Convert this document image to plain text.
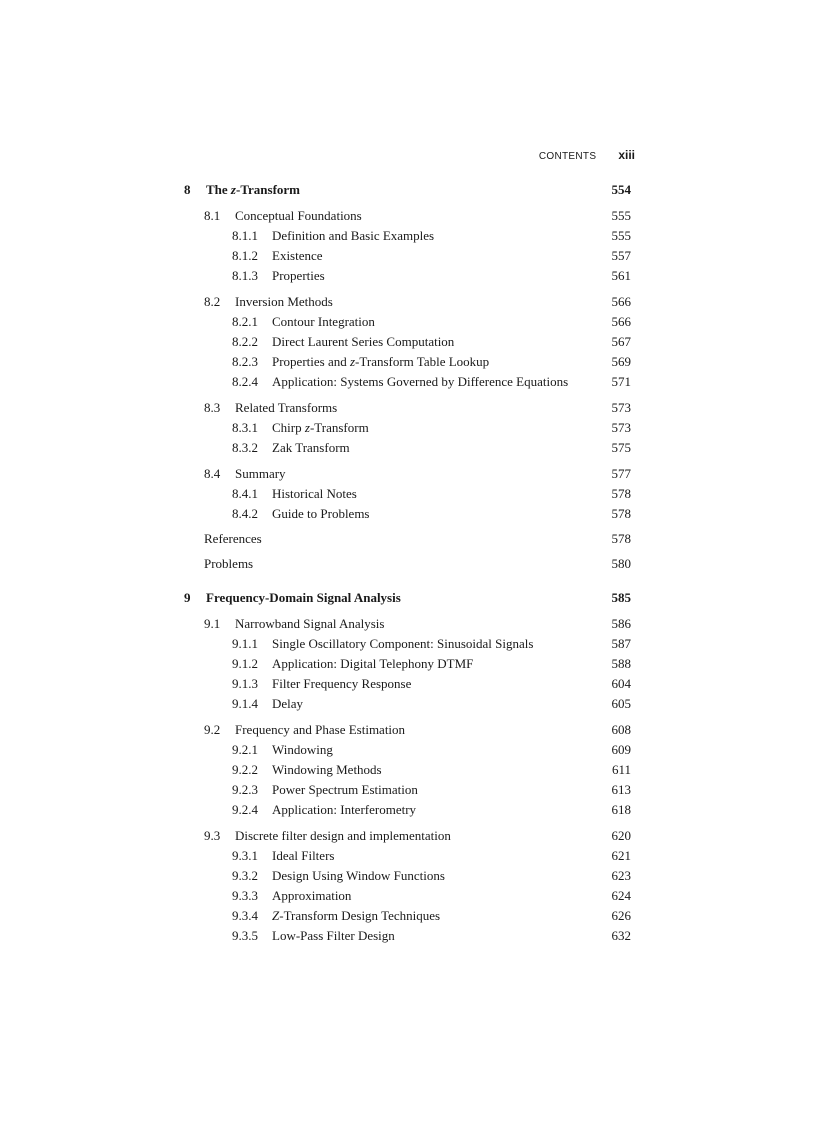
CONTENTS xiii
8 The z-Transform	554
8.1 Conceptual Foundations	555
8.1.1 Definition and Basic Examples	555
8.1.2 Existence	557
8.1.3 Properties	561
8.2 Inversion Methods	566
8.2.1 Contour Integration	566
8.2.2 Direct Laurent Series Computation	567
8.2.3 Properties and z-Transform Table Lookup	569
8.2.4 Application: Systems Governed by Difference Equations	571
8.3 Related Transforms	573
8.3.1 Chirp z-Transform	573
8.3.2 Zak Transform	575
8.4 Summary	577
8.4.1 Historical Notes	578
8.4.2 Guide to Problems	578
References	578
Problems	580
9 Frequency-Domain Signal Analysis	585
9.1 Narrowband Signal Analysis	586
9.1.1 Single Oscillatory Component: Sinusoidal Signals	587
9.1.2 Application: Digital Telephony DTMF	588
9.1.3 Filter Frequency Response	604
9.1.4 Delay	605
9.2 Frequency and Phase Estimation	608
9.2.1 Windowing	609
9.2.2 Windowing Methods	611
9.2.3 Power Spectrum Estimation	613
9.2.4 Application: Interferometry	618
9.3 Discrete filter design and implementation	620
9.3.1 Ideal Filters	621
9.3.2 Design Using Window Functions	623
9.3.3 Approximation	624
9.3.4 Z-Transform Design Techniques	626
9.3.5 Low-Pass Filter Design	632
